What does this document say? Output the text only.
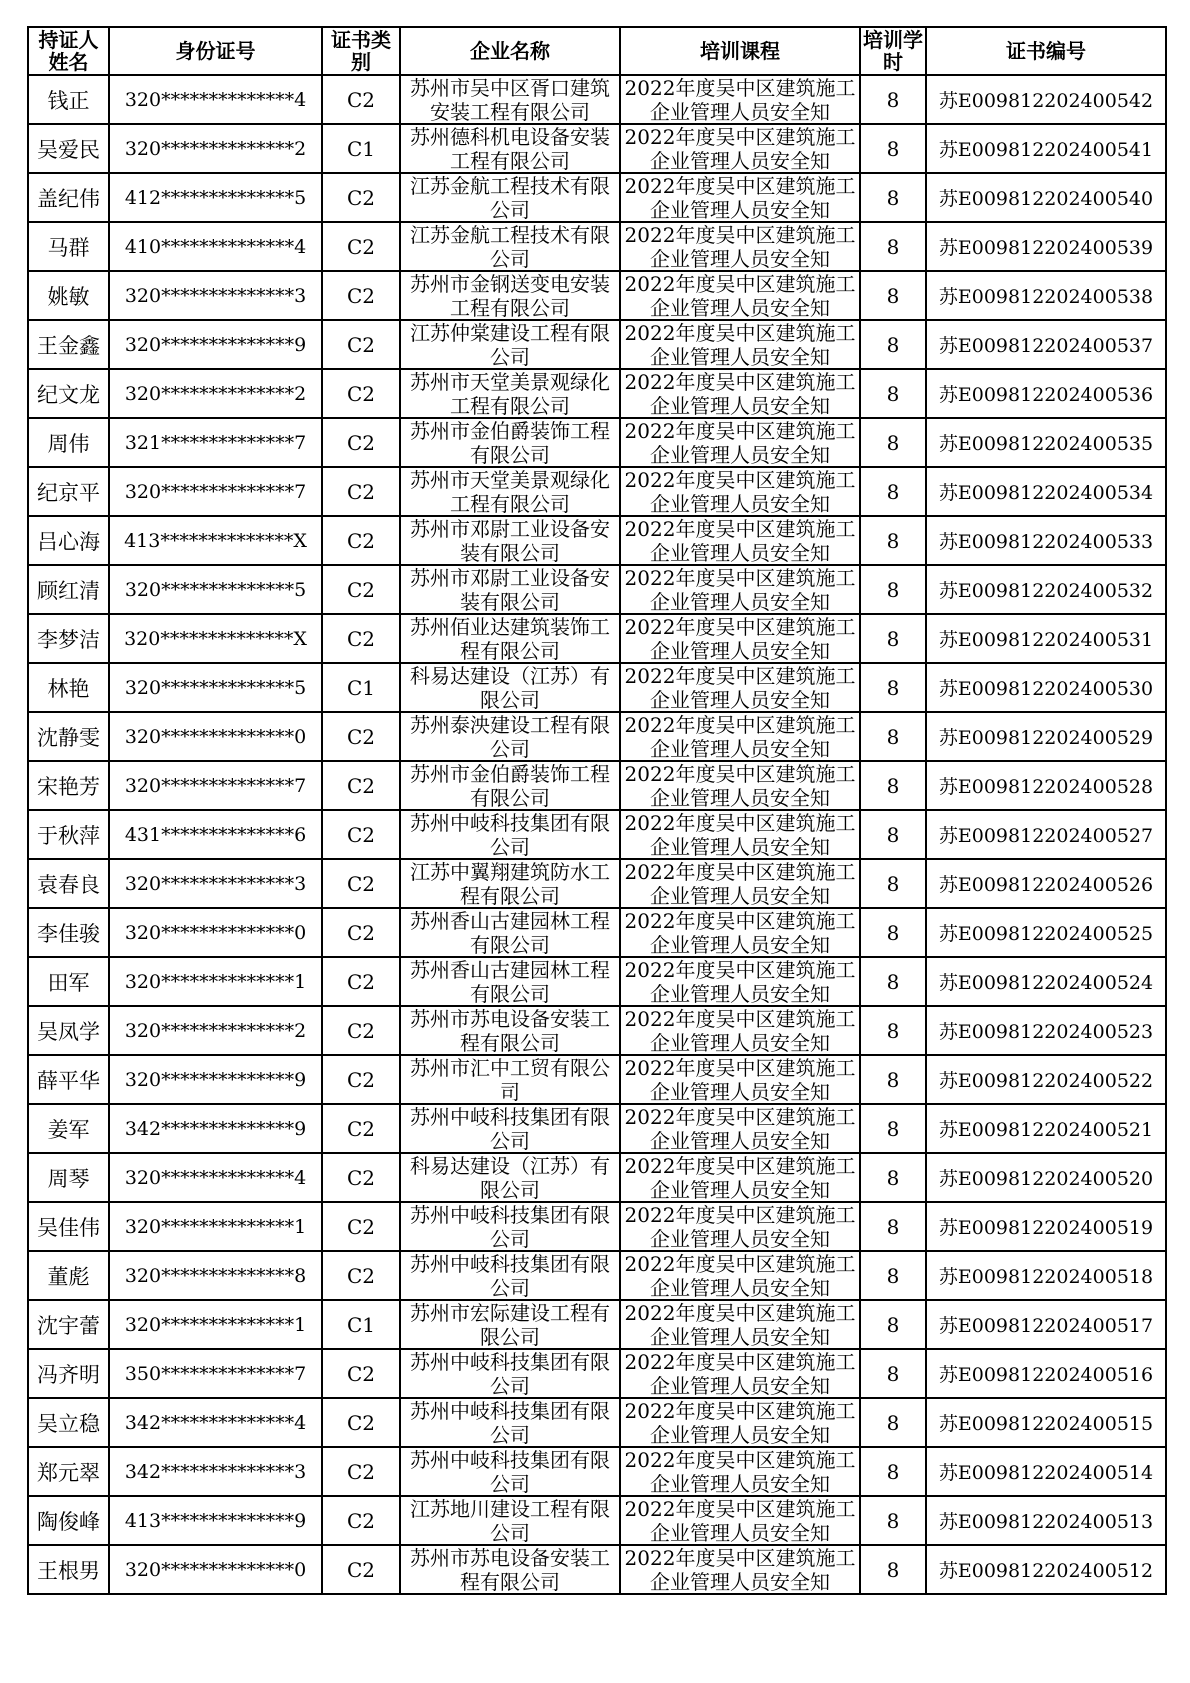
持证人姓名	身份证号	证书类别	企业名称	培训课程	培训学时	证书编号
钱正	320**************4	C2	苏州市吴中区胥口建筑安装工程有限公司	2022年度吴中区建筑施工企业管理人员安全知	8	苏E009812202400542
吴爱民	320**************2	C1	苏州德科机电设备安装工程有限公司	2022年度吴中区建筑施工企业管理人员安全知	8	苏E009812202400541
盖纪伟	412**************5	C2	江苏金航工程技术有限公司	2022年度吴中区建筑施工企业管理人员安全知	8	苏E009812202400540
马群	410**************4	C2	江苏金航工程技术有限公司	2022年度吴中区建筑施工企业管理人员安全知	8	苏E009812202400539
姚敏	320**************3	C2	苏州市金钢送变电安装工程有限公司	2022年度吴中区建筑施工企业管理人员安全知	8	苏E009812202400538
王金鑫	320**************9	C2	江苏仲棠建设工程有限公司	2022年度吴中区建筑施工企业管理人员安全知	8	苏E009812202400537
纪文龙	320**************2	C2	苏州市天堂美景观绿化工程有限公司	2022年度吴中区建筑施工企业管理人员安全知	8	苏E009812202400536
周伟	321**************7	C2	苏州市金伯爵装饰工程有限公司	2022年度吴中区建筑施工企业管理人员安全知	8	苏E009812202400535
纪京平	320**************7	C2	苏州市天堂美景观绿化工程有限公司	2022年度吴中区建筑施工企业管理人员安全知	8	苏E009812202400534
吕心海	413**************X	C2	苏州市邓尉工业设备安装有限公司	2022年度吴中区建筑施工企业管理人员安全知	8	苏E009812202400533
顾红清	320**************5	C2	苏州市邓尉工业设备安装有限公司	2022年度吴中区建筑施工企业管理人员安全知	8	苏E009812202400532
李梦洁	320**************X	C2	苏州佰业达建筑装饰工程有限公司	2022年度吴中区建筑施工企业管理人员安全知	8	苏E009812202400531
林艳	320**************5	C1	科易达建设（江苏）有限公司	2022年度吴中区建筑施工企业管理人员安全知	8	苏E009812202400530
沈静雯	320**************0	C2	苏州泰泱建设工程有限公司	2022年度吴中区建筑施工企业管理人员安全知	8	苏E009812202400529
宋艳芳	320**************7	C2	苏州市金伯爵装饰工程有限公司	2022年度吴中区建筑施工企业管理人员安全知	8	苏E009812202400528
于秋萍	431**************6	C2	苏州中岐科技集团有限公司	2022年度吴中区建筑施工企业管理人员安全知	8	苏E009812202400527
袁春良	320**************3	C2	江苏中翼翔建筑防水工程有限公司	2022年度吴中区建筑施工企业管理人员安全知	8	苏E009812202400526
李佳骏	320**************0	C2	苏州香山古建园林工程有限公司	2022年度吴中区建筑施工企业管理人员安全知	8	苏E009812202400525
田军	320**************1	C2	苏州香山古建园林工程有限公司	2022年度吴中区建筑施工企业管理人员安全知	8	苏E009812202400524
吴凤学	320**************2	C2	苏州市苏电设备安装工程有限公司	2022年度吴中区建筑施工企业管理人员安全知	8	苏E009812202400523
薛平华	320**************9	C2	苏州市汇中工贸有限公司	2022年度吴中区建筑施工企业管理人员安全知	8	苏E009812202400522
姜军	342**************9	C2	苏州中岐科技集团有限公司	2022年度吴中区建筑施工企业管理人员安全知	8	苏E009812202400521
周琴	320**************4	C2	科易达建设（江苏）有限公司	2022年度吴中区建筑施工企业管理人员安全知	8	苏E009812202400520
吴佳伟	320**************1	C2	苏州中岐科技集团有限公司	2022年度吴中区建筑施工企业管理人员安全知	8	苏E009812202400519
董彪	320**************8	C2	苏州中岐科技集团有限公司	2022年度吴中区建筑施工企业管理人员安全知	8	苏E009812202400518
沈宇蕾	320**************1	C1	苏州市宏际建设工程有限公司	2022年度吴中区建筑施工企业管理人员安全知	8	苏E009812202400517
冯齐明	350**************7	C2	苏州中岐科技集团有限公司	2022年度吴中区建筑施工企业管理人员安全知	8	苏E009812202400516
吴立稳	342**************4	C2	苏州中岐科技集团有限公司	2022年度吴中区建筑施工企业管理人员安全知	8	苏E009812202400515
郑元翠	342**************3	C2	苏州中岐科技集团有限公司	2022年度吴中区建筑施工企业管理人员安全知	8	苏E009812202400514
陶俊峰	413**************9	C2	江苏地川建设工程有限公司	2022年度吴中区建筑施工企业管理人员安全知	8	苏E009812202400513
王根男	320**************0	C2	苏州市苏电设备安装工程有限公司	2022年度吴中区建筑施工企业管理人员安全知	8	苏E009812202400512
